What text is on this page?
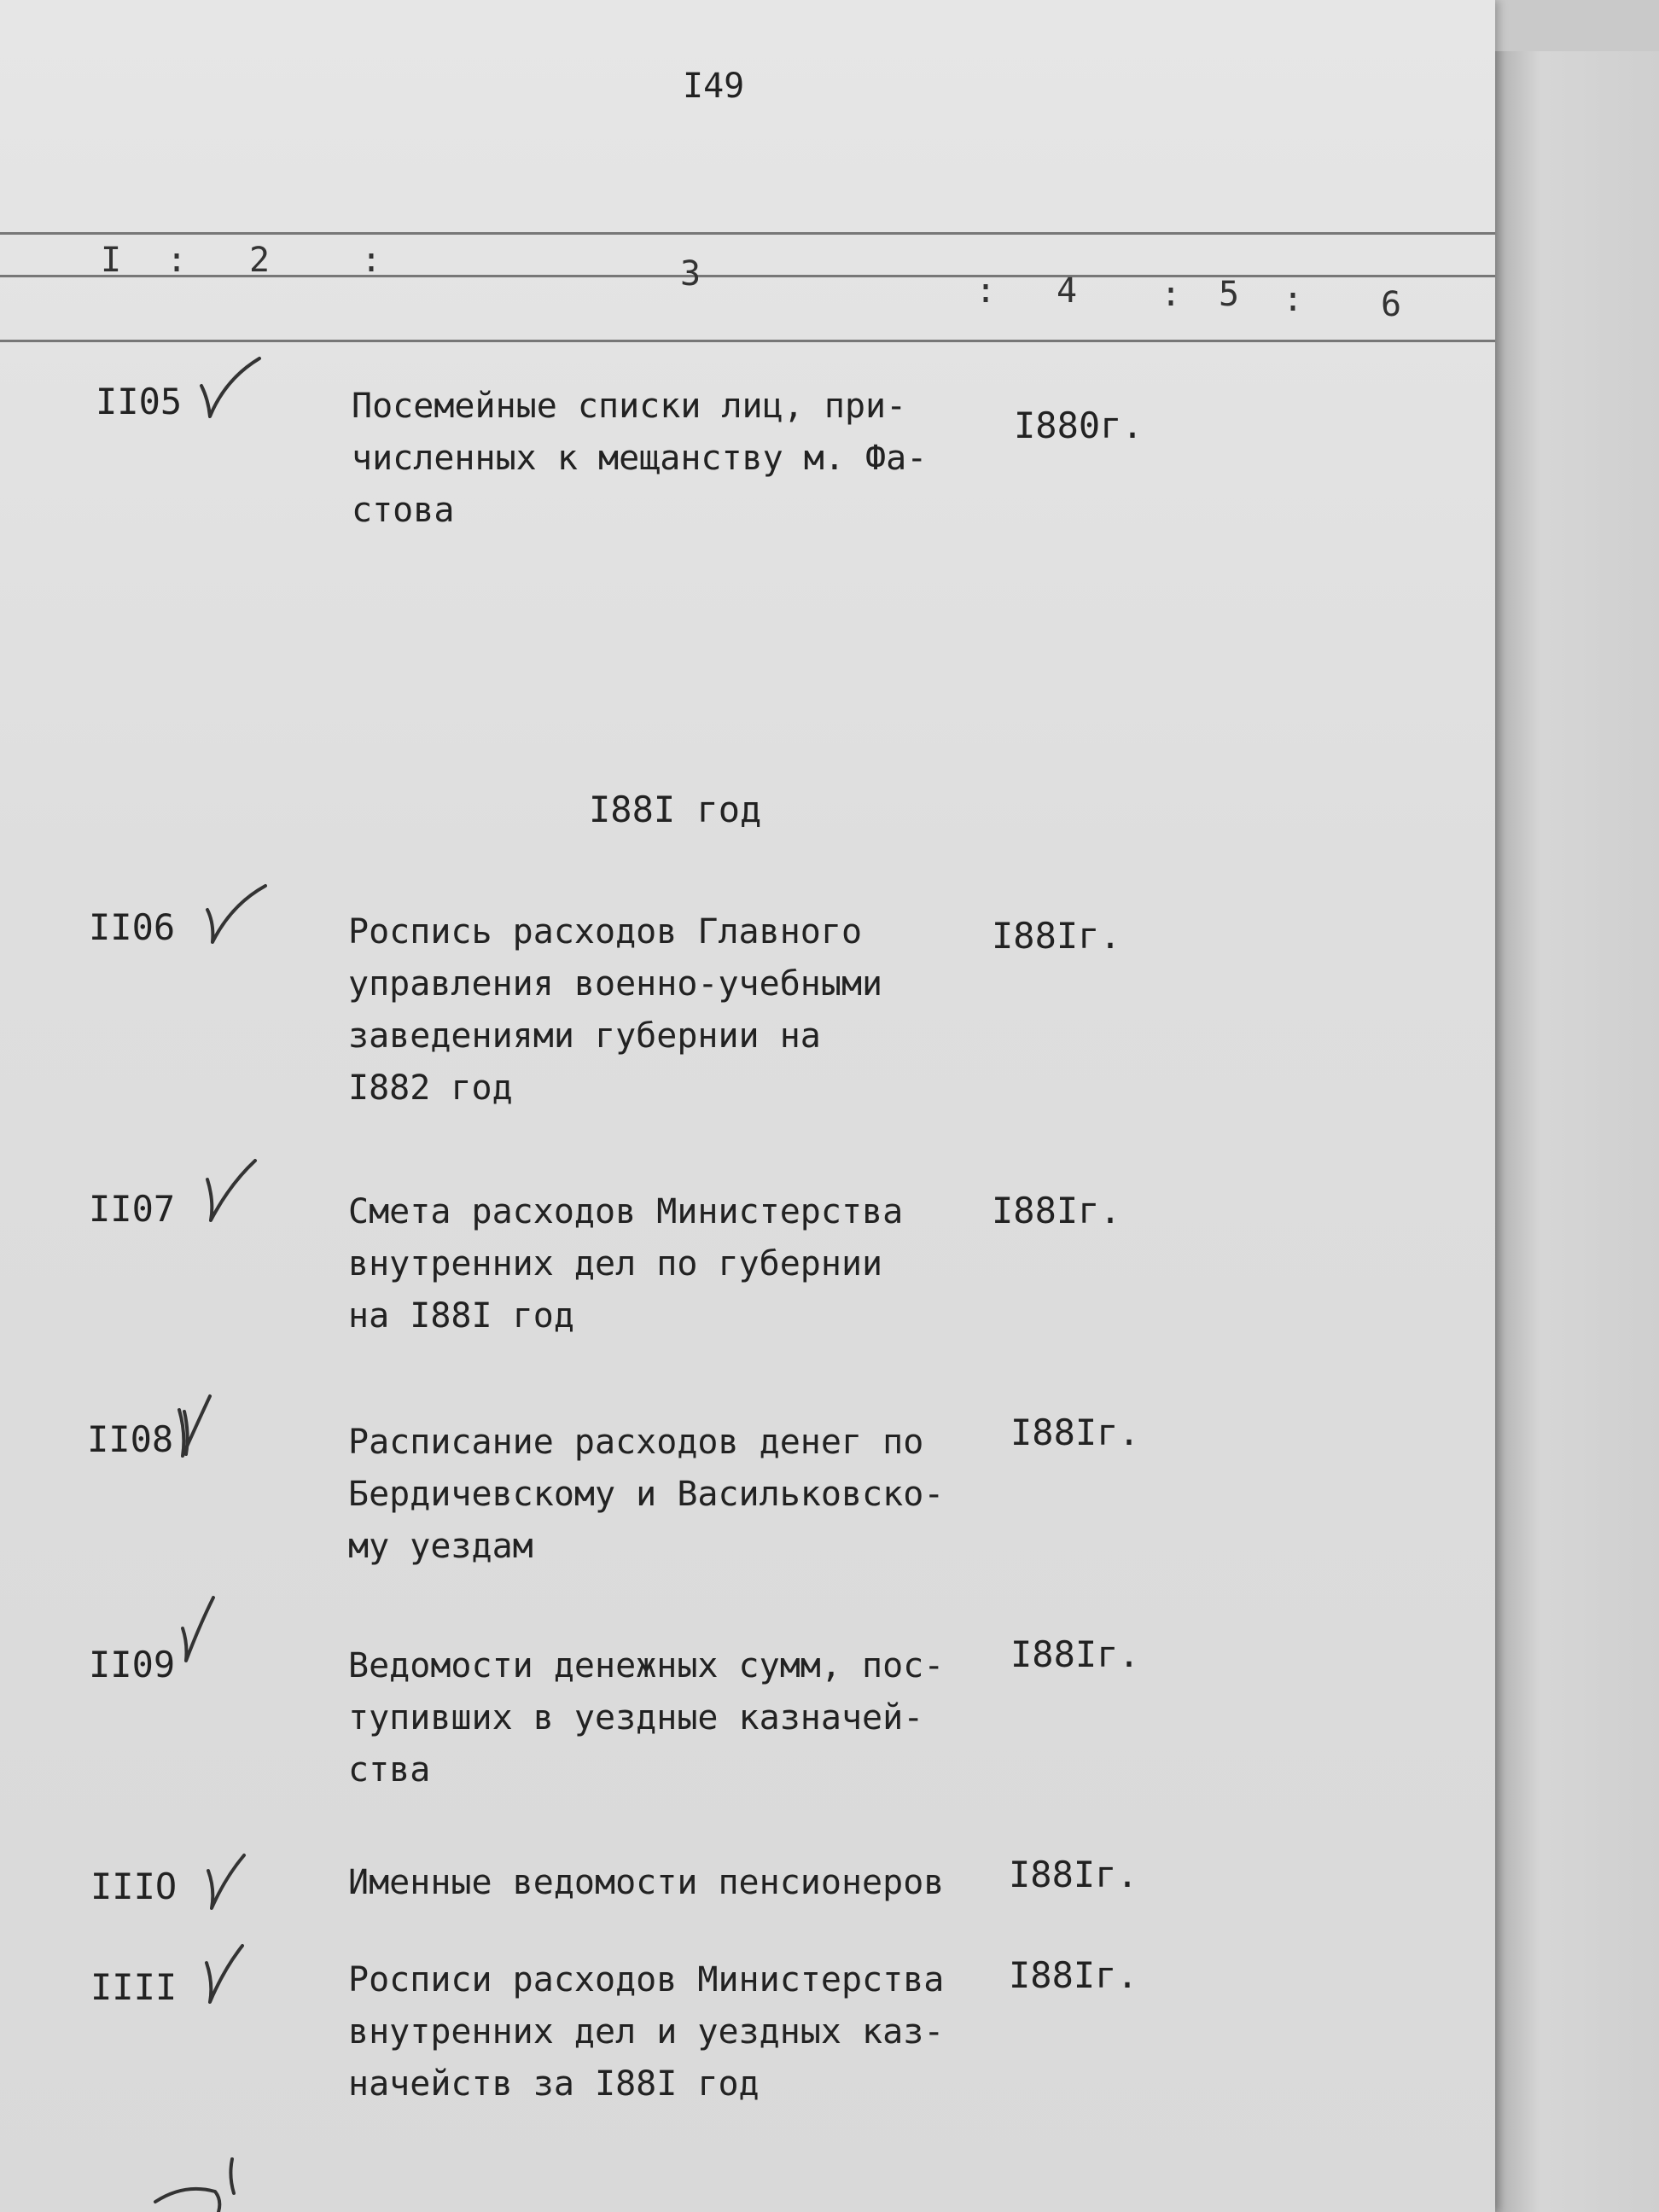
I49
I : 2	:	3	: 4 : 5 : 6
II05	Посемейные списки лиц, при-
численных к мещанству м. Фа-
стова
I880г.
I88I год
II06	Роспись расходов Главного
управления военно-учебными
заведениями губернии на
I882 год
I88Iг.
II07	Смета расходов Министерства
внутренних дел по губернии
на I88I год
I88Iг.
II08	Расписание расходов денег по
Бердичевскому и Васильковско-
му уездам
I88Iг.
II09	Ведомости денежных сумм, пос-
тупивших в уездные казначей-
ства
I88Iг.
IIIO	Именные ведомости пенсионеров I88Iг.
IIII	Росписи расходов Министерства
внутренних дел и уездных каз-
начейств за I88I год
I88Iг.
